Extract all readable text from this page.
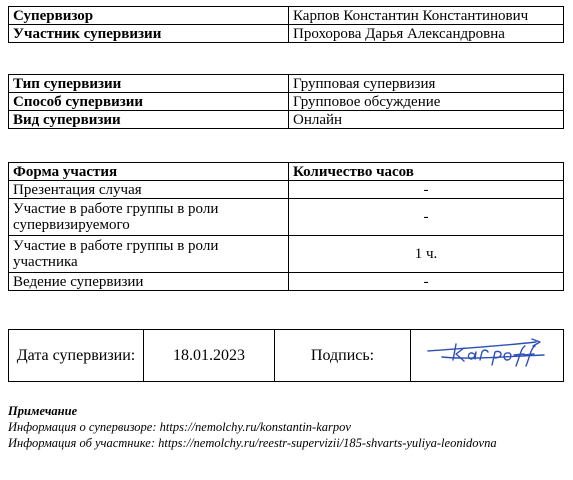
Супервизор	Карпов Константин Константинович
Участник супервизии	Прохорова Дарья Александровна
Тип супервизии	Групповая супервизия
Способ супервизии	Групповое обсуждение
Вид супервизии	Онлайн
Форма участия	Количество часов
Презентация случая	-
Участие в работе группы в роли супервизируемого	-
Участие в работе группы в роли участника	1 ч.
Ведение супервизии	-
Дата супервизии:	18.01.2023	Подпись:	
Примечание
Информация о супервизоре: https://nemolchy.ru/konstantin-karpov
Информация об участнике: https://nemolchy.ru/reestr-supervizii/185-shvarts-yuliya-leonidovna
